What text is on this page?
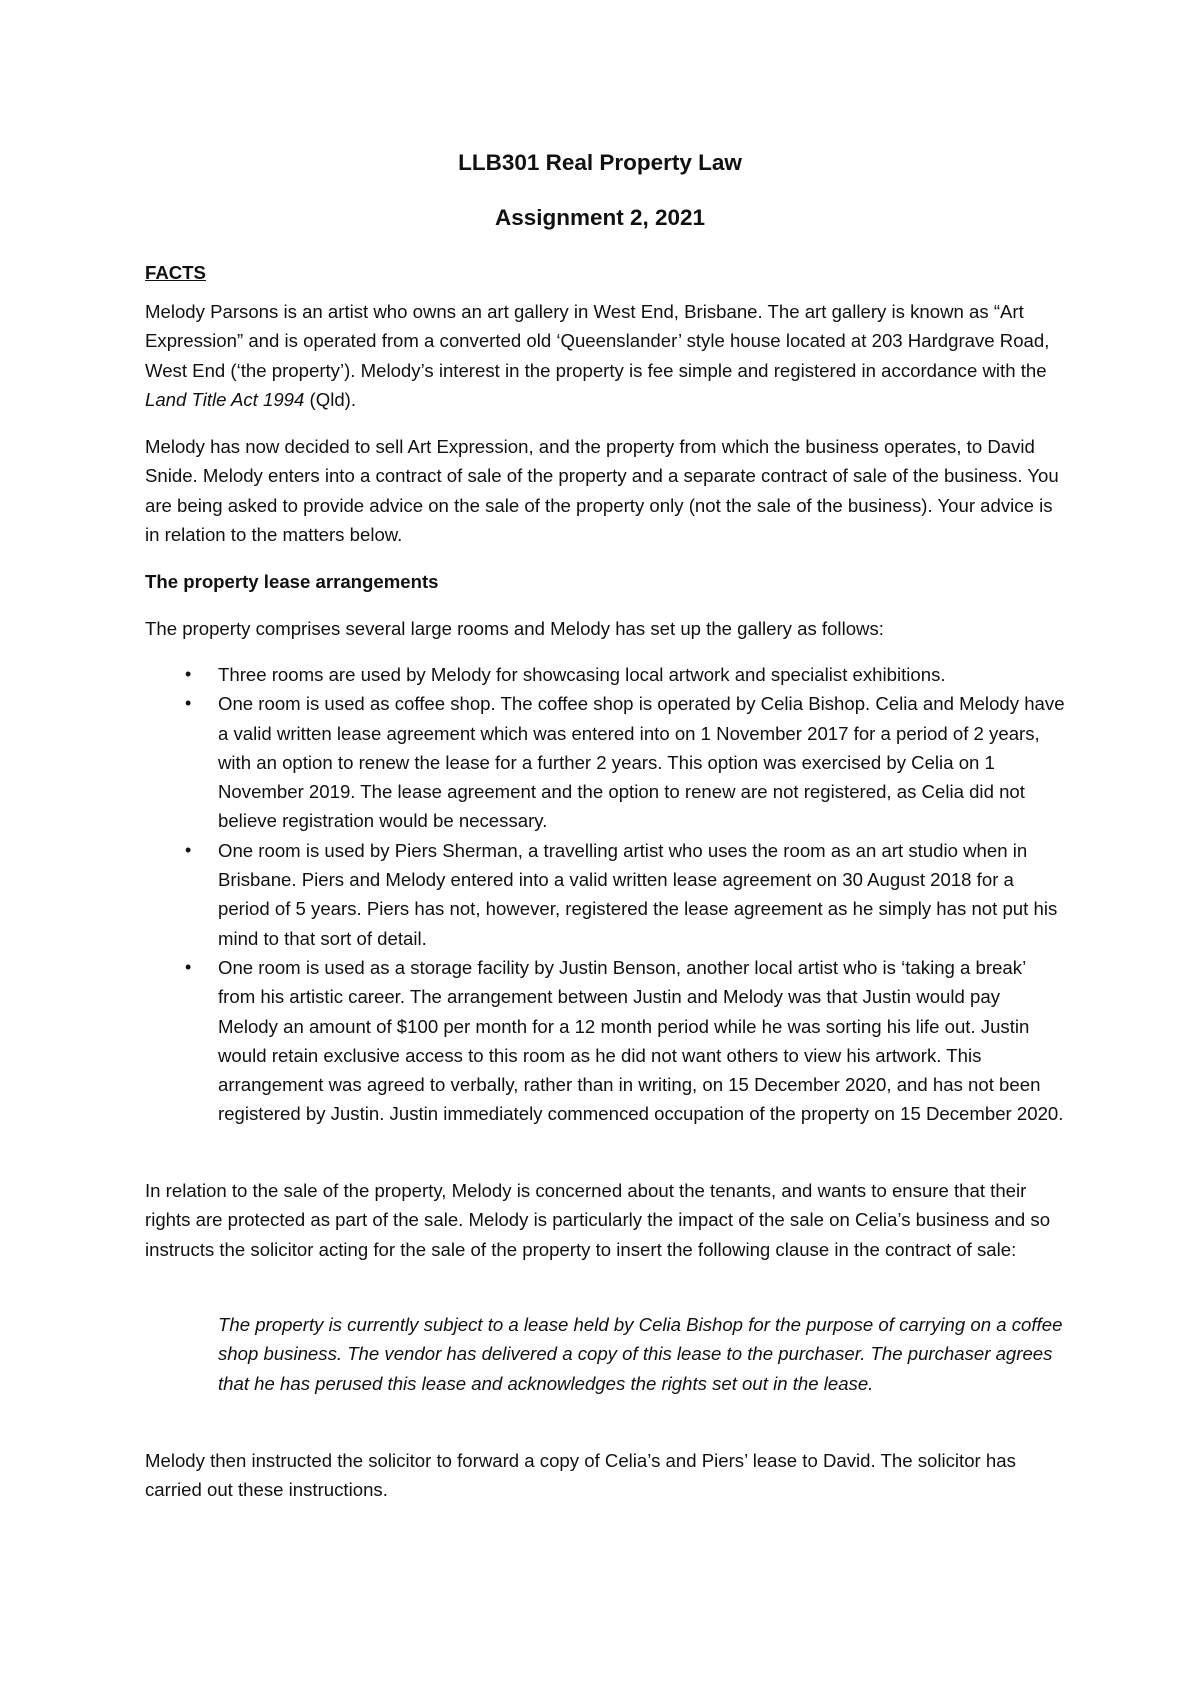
LLB301 Real Property Law
Assignment 2, 2021
FACTS

Melody Parsons is an artist who owns an art gallery in West End, Brisbane. The art gallery is known as “Art Expression” and is operated from a converted old ‘Queenslander’ style house located at 203 Hardgrave Road, West End (‘the property’). Melody’s interest in the property is fee simple and registered in accordance with the Land Title Act 1994 (Qld).

Melody has now decided to sell Art Expression, and the property from which the business operates, to David Snide. Melody enters into a contract of sale of the property and a separate contract of sale of the business. You are being asked to provide advice on the sale of the property only (not the sale of the business). Your advice is in relation to the matters below.

The property lease arrangements

The property comprises several large rooms and Melody has set up the gallery as follows:

• Three rooms are used by Melody for showcasing local artwork and specialist exhibitions.
• One room is used as coffee shop. The coffee shop is operated by Celia Bishop. Celia and Melody have a valid written lease agreement which was entered into on 1 November 2017 for a period of 2 years, with an option to renew the lease for a further 2 years. This option was exercised by Celia on 1 November 2019. The lease agreement and the option to renew are not registered, as Celia did not believe registration would be necessary.
• One room is used by Piers Sherman, a travelling artist who uses the room as an art studio when in Brisbane. Piers and Melody entered into a valid written lease agreement on 30 August 2018 for a period of 5 years. Piers has not, however, registered the lease agreement as he simply has not put his mind to that sort of detail.
• One room is used as a storage facility by Justin Benson, another local artist who is ‘taking a break’ from his artistic career. The arrangement between Justin and Melody was that Justin would pay Melody an amount of $100 per month for a 12 month period while he was sorting his life out. Justin would retain exclusive access to this room as he did not want others to view his artwork. This arrangement was agreed to verbally, rather than in writing, on 15 December 2020, and has not been registered by Justin. Justin immediately commenced occupation of the property on 15 December 2020.

In relation to the sale of the property, Melody is concerned about the tenants, and wants to ensure that their rights are protected as part of the sale. Melody is particularly the impact of the sale on Celia’s business and so instructs the solicitor acting for the sale of the property to insert the following clause in the contract of sale:

The property is currently subject to a lease held by Celia Bishop for the purpose of carrying on a coffee shop business. The vendor has delivered a copy of this lease to the purchaser. The purchaser agrees that he has perused this lease and acknowledges the rights set out in the lease.

Melody then instructed the solicitor to forward a copy of Celia’s and Piers’ lease to David. The solicitor has carried out these instructions.
